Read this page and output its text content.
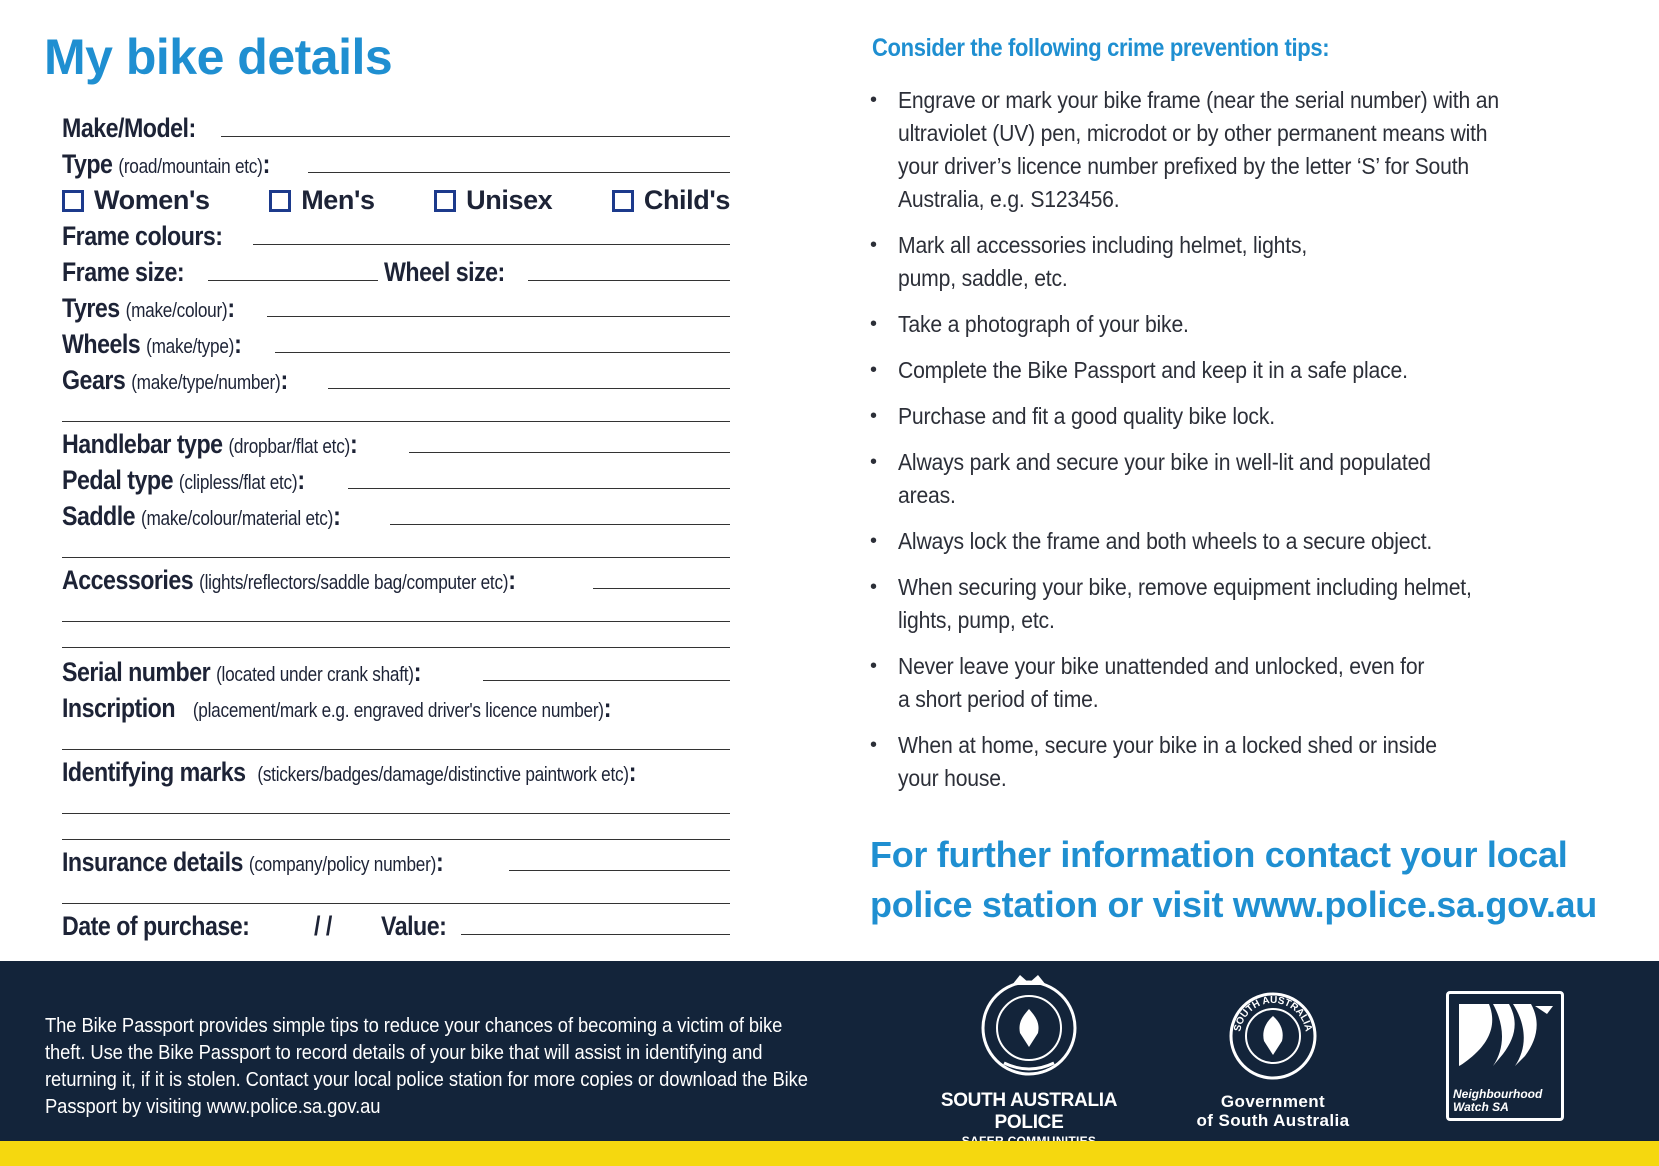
My bike details
Make/Model:
Type (road/mountain etc):
Women's	Men's	Unisex	Child's
Frame colours:
Frame size:	Wheel size:
Tyres (make/colour):
Wheels (make/type):
Gears (make/type/number):
Handlebar type (dropbar/flat etc):
Pedal type (clipless/flat etc):
Saddle (make/colour/material etc):
Accessories (lights/reflectors/saddle bag/computer etc):
Serial number (located under crank shaft):
Inscription (placement/mark e.g. engraved driver's licence number):
Identifying marks (stickers/badges/damage/distinctive paintwork etc):
Insurance details (company/policy number):
Date of purchase: / / Value:
Consider the following crime prevention tips:
• Engrave or mark your bike frame (near the serial number) with an ultraviolet (UV) pen, microdot or by other permanent means with your driver’s licence number prefixed by the letter ‘S’ for South Australia, e.g. S123456.
• Mark all accessories including helmet, lights, pump, saddle, etc.
• Take a photograph of your bike.
• Complete the Bike Passport and keep it in a safe place.
• Purchase and fit a good quality bike lock.
• Always park and secure your bike in well-lit and populated areas.
• Always lock the frame and both wheels to a secure object.
• When securing your bike, remove equipment including helmet, lights, pump, etc.
• Never leave your bike unattended and unlocked, even for a short period of time.
• When at home, secure your bike in a locked shed or inside your house.
For further information contact your local
police station or visit www.police.sa.gov.au
The Bike Passport provides simple tips to reduce your chances of becoming a victim of bike theft. Use the Bike Passport to record details of your bike that will assist in identifying and returning it, if it is stolen. Contact your local police station for more copies or download the Bike Passport by visiting www.police.sa.gov.au	SOUTH AUSTRALIA POLICE
SOUTH AUSTRALIA
Government
of South Australia
Neighbourhood
Watch SA
